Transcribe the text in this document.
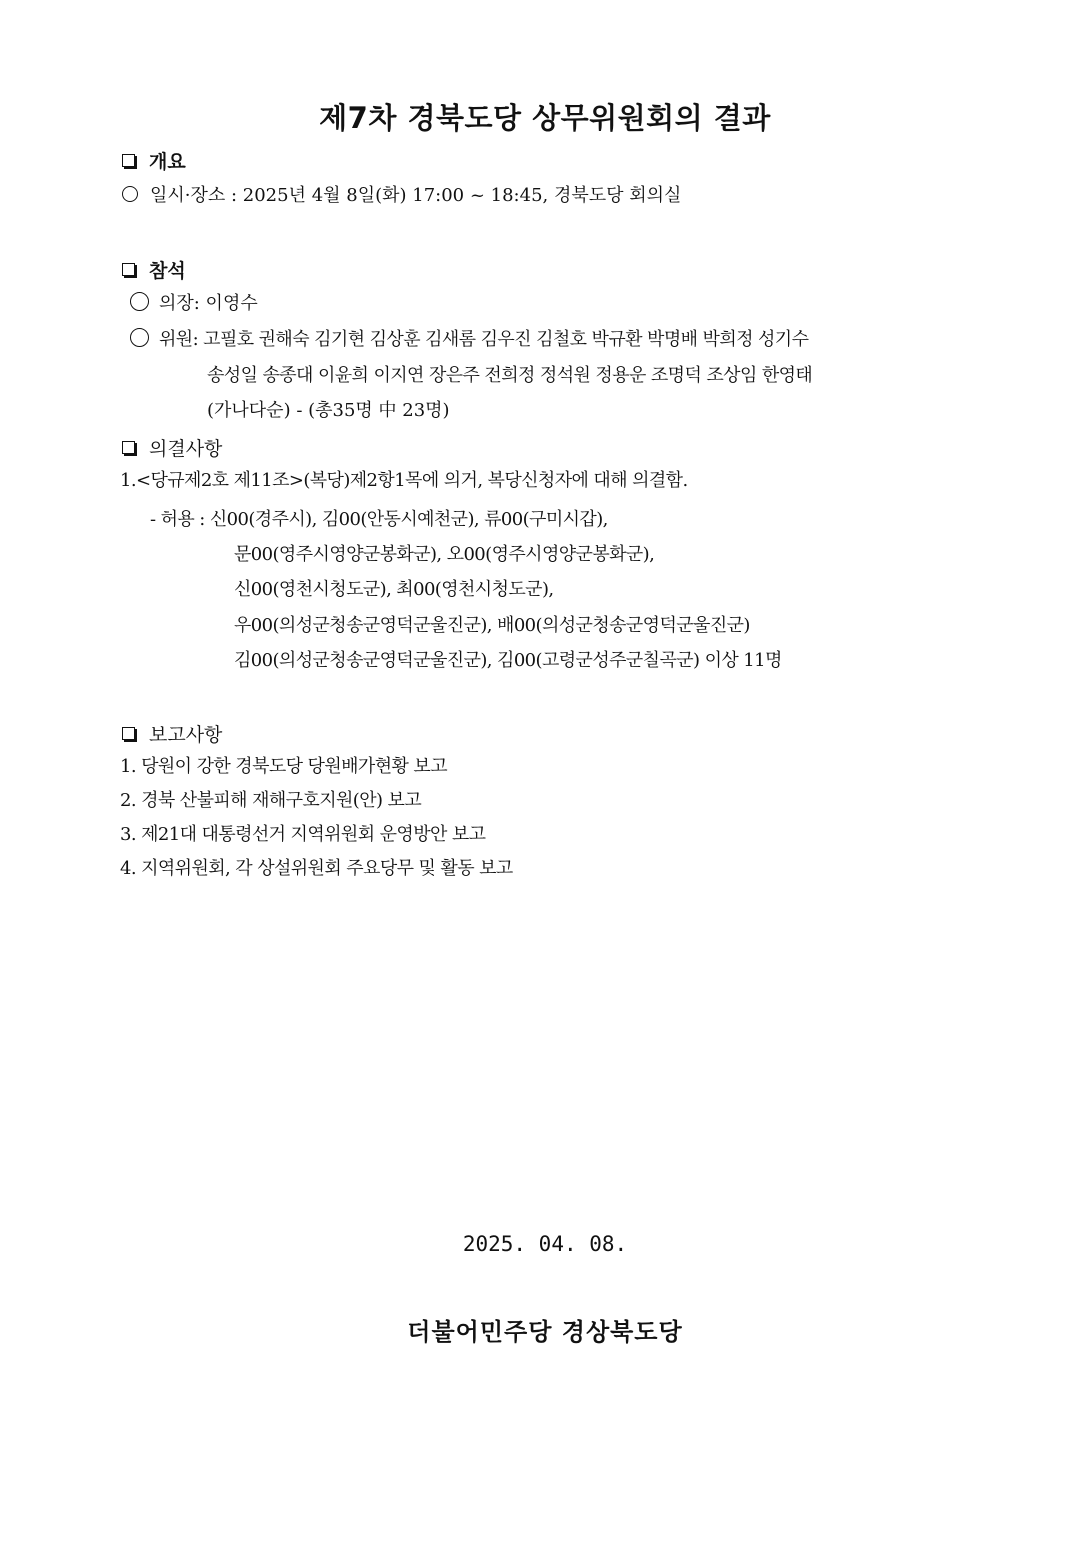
제7차 경북도당 상무위원회의 결과
개요
일시·장소 : 2025년 4월 8일(화) 17:00 ~ 18:45, 경북도당 회의실
참석
의장: 이영수
위원: 고필호 권해숙 김기현 김상훈 김새롬 김우진 김철호 박규환 박명배 박희정 성기수
송성일 송종대 이윤희 이지연 장은주 전희정 정석원 정용운 조명덕 조상임 한영태
(가나다순) - (총35명 中 23명)
의결사항
1.<당규제2호 제11조>(복당)제2항1목에 의거, 복당신청자에 대해 의결함.
- 허용 : 신00(경주시), 김00(안동시예천군), 류00(구미시갑),
문00(영주시영양군봉화군), 오00(영주시영양군봉화군),
신00(영천시청도군), 최00(영천시청도군),
우00(의성군청송군영덕군울진군), 배00(의성군청송군영덕군울진군)
김00(의성군청송군영덕군울진군), 김00(고령군성주군칠곡군) 이상 11명
보고사항
1. 당원이 강한 경북도당 당원배가현황 보고
2. 경북 산불피해 재해구호지원(안) 보고
3. 제21대 대통령선거 지역위원회 운영방안 보고
4. 지역위원회, 각 상설위원회 주요당무 및 활동 보고
2025. 04. 08.
더불어민주당 경상북도당
